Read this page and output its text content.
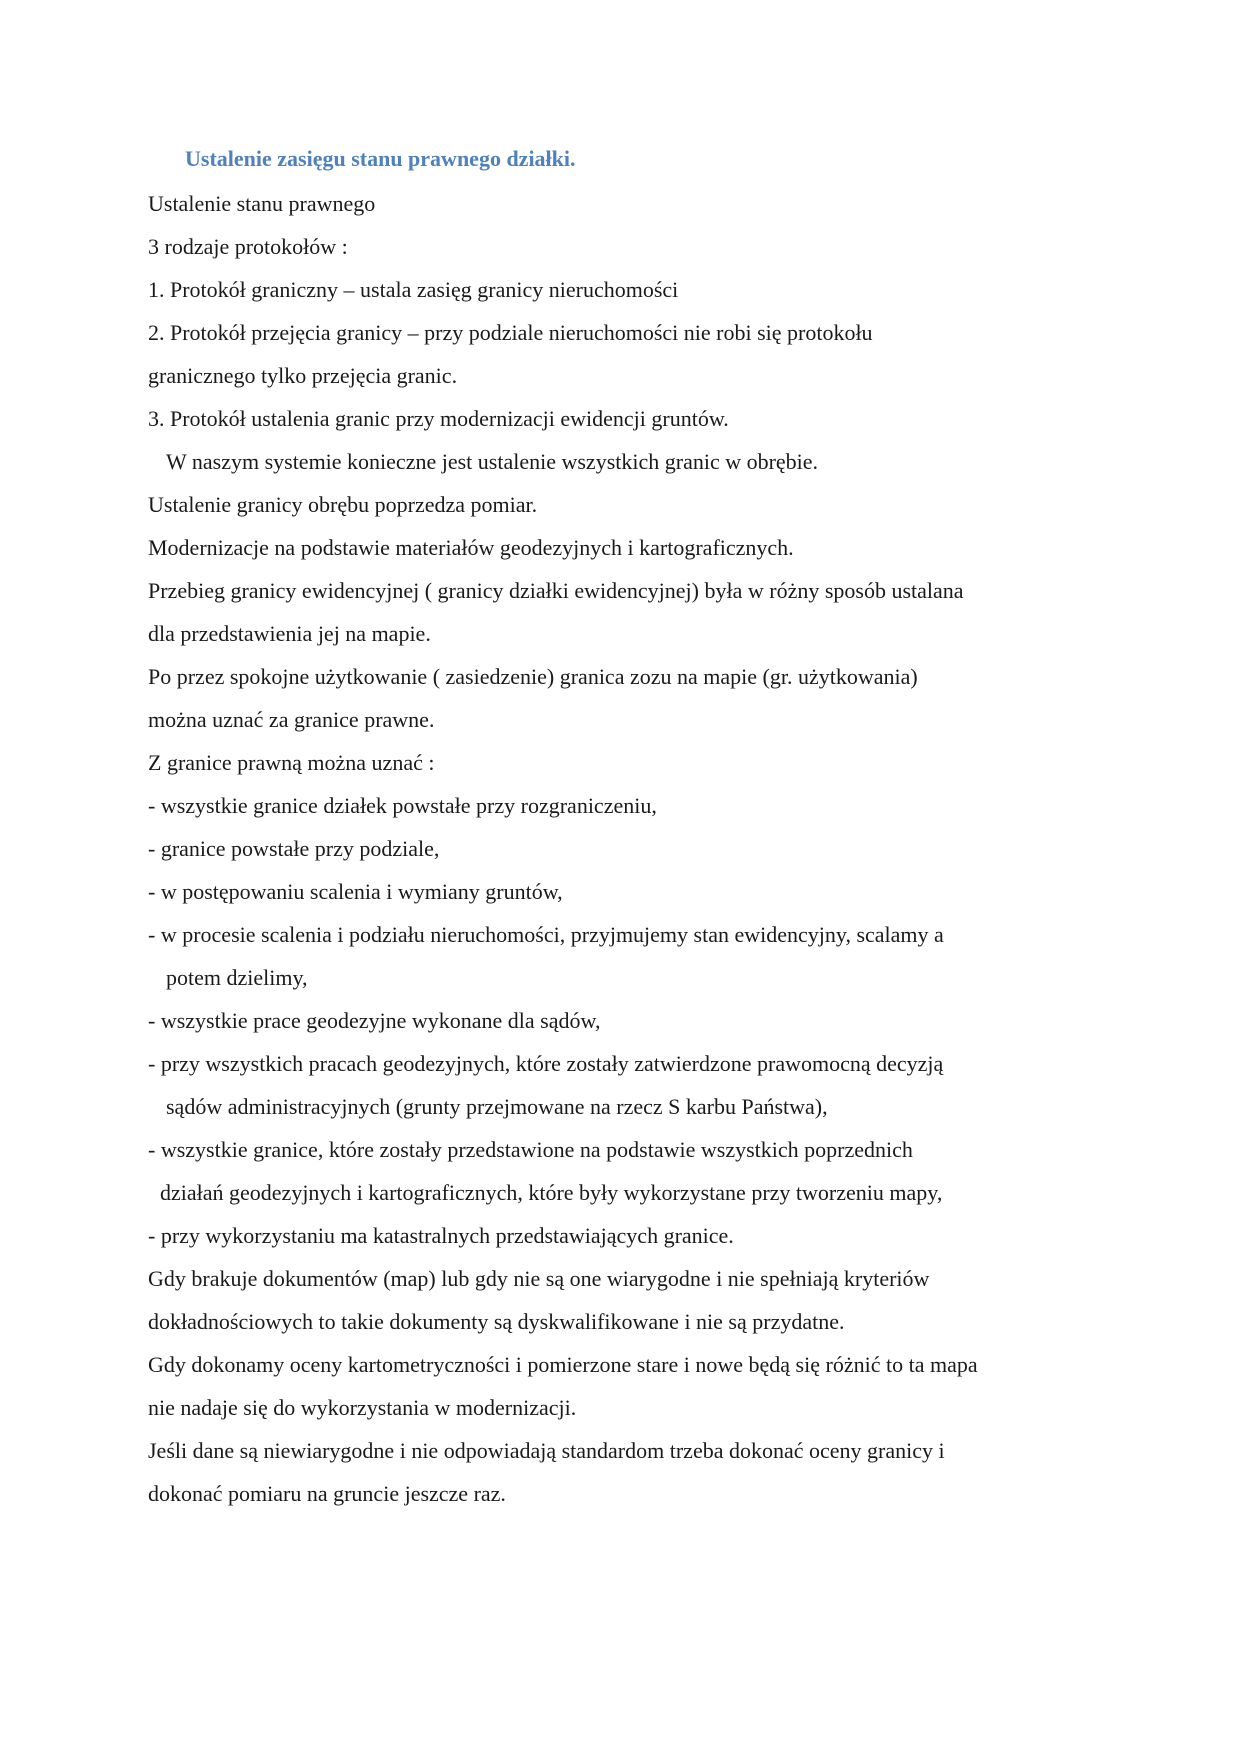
Ustalenie zasięgu stanu prawnego działki.
Ustalenie stanu prawnego
3 rodzaje protokołów :
1. Protokół graniczny – ustala zasięg granicy nieruchomości
2. Protokół przejęcia granicy – przy podziale nieruchomości nie robi się protokołu
granicznego tylko przejęcia granic.
3. Protokół ustalenia granic przy modernizacji ewidencji gruntów.
W naszym systemie konieczne jest ustalenie wszystkich granic w obrębie.
Ustalenie granicy obrębu poprzedza pomiar.
Modernizacje na podstawie materiałów geodezyjnych i kartograficznych.
Przebieg granicy ewidencyjnej ( granicy działki ewidencyjnej) była w różny sposób ustalana
dla przedstawienia jej na mapie.
Po przez spokojne użytkowanie ( zasiedzenie) granica zozu na mapie (gr. użytkowania)
można uznać za granice prawne.
Z granice prawną można uznać :
- wszystkie granice działek powstałe przy rozgraniczeniu,
- granice powstałe przy podziale,
- w postępowaniu scalenia i wymiany gruntów,
- w procesie scalenia i podziału nieruchomości, przyjmujemy stan ewidencyjny, scalamy a
potem dzielimy,
- wszystkie prace geodezyjne wykonane dla sądów,
- przy wszystkich pracach geodezyjnych, które zostały zatwierdzone prawomocną decyzją
sądów administracyjnych (grunty przejmowane na rzecz S karbu Państwa),
- wszystkie granice, które zostały przedstawione na podstawie wszystkich poprzednich
działań geodezyjnych i kartograficznych, które były wykorzystane przy tworzeniu mapy,
- przy wykorzystaniu ma katastralnych przedstawiających granice.
Gdy brakuje dokumentów (map) lub gdy nie są one wiarygodne i nie spełniają kryteriów
dokładnościowych to takie dokumenty są dyskwalifikowane i nie są przydatne.
Gdy dokonamy oceny kartometryczności i pomierzone stare i nowe będą się różnić to ta mapa
nie nadaje się do wykorzystania w modernizacji.
Jeśli dane są niewiarygodne i nie odpowiadają standardom trzeba dokonać oceny granicy i
dokonać pomiaru na gruncie jeszcze raz.
